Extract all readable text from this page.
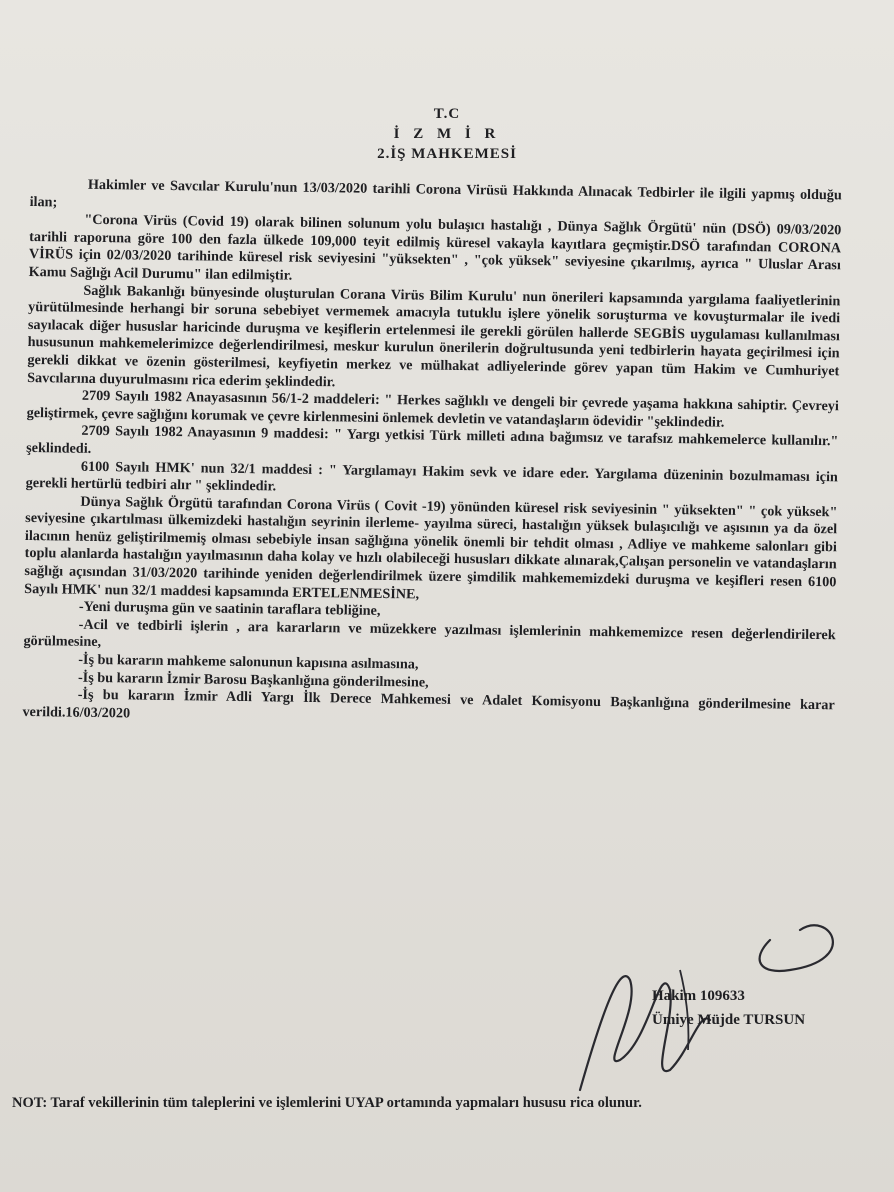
T.C
İ Z M İ R
2.İŞ MAHKEMESİ

Hakimler ve Savcılar Kurulu'nun 13/03/2020 tarihli Corona Virüsü Hakkında Alınacak Tedbirler ile ilgili yapmış olduğu ilan;

"Corona Virüs (Covid 19) olarak bilinen solunum yolu bulaşıcı hastalığı , Dünya Sağlık Örgütü' nün (DSÖ) 09/03/2020 tarihli raporuna göre 100 den fazla ülkede 109,000 teyit edilmiş küresel vakayla kayıtlara geçmiştir.DSÖ tarafından CORONA VİRÜS için 02/03/2020 tarihinde küresel risk seviyesini "yüksekten" , "çok yüksek" seviyesine çıkarılmış, ayrıca " Uluslar Arası Kamu Sağlığı Acil Durumu" ilan edilmiştir.

Sağlık Bakanlığı bünyesinde oluşturulan Corana Virüs Bilim Kurulu' nun önerileri kapsamında yargılama faaliyetlerinin yürütülmesinde herhangi bir soruna sebebiyet vermemek amacıyla tutuklu işlere yönelik soruşturma ve kovuşturmalar ile ivedi sayılacak diğer hususlar haricinde duruşma ve keşiflerin ertelenmesi ile gerekli görülen hallerde SEGBİS uygulaması kullanılması hususunun mahkemelerimizce değerlendirilmesi, meskur kurulun önerilerin doğrultusunda yeni tedbirlerin hayata geçirilmesi için gerekli dikkat ve özenin gösterilmesi, keyfiyetin merkez ve mülhakat adliyelerinde görev yapan tüm Hakim ve Cumhuriyet Savcılarına duyurulmasını rica ederim şeklindedir.

2709 Sayılı 1982 Anayasasının 56/1-2 maddeleri: " Herkes sağlıklı ve dengeli bir çevrede yaşama hakkına sahiptir. Çevreyi geliştirmek, çevre sağlığını korumak ve çevre kirlenmesini önlemek devletin ve vatandaşların ödevidir "şeklindedir.

2709 Sayılı 1982 Anayasının 9 maddesi: " Yargı yetkisi Türk milleti adına bağımsız ve tarafsız mahkemelerce kullanılır." şeklindedi.

6100 Sayılı HMK' nun 32/1 maddesi : " Yargılamayı Hakim sevk ve idare eder. Yargılama düzeninin bozulmaması için gerekli hertürlü tedbiri alır " şeklindedir.

Dünya Sağlık Örgütü tarafından Corona Virüs ( Covit -19) yönünden küresel risk seviyesinin " yüksekten" " çok yüksek" seviyesine çıkartılması ülkemizdeki hastalığın seyrinin ilerleme- yayılma süreci, hastalığın yüksek bulaşıcılığı ve aşısının ya da özel ilacının henüz geliştirilmemiş olması sebebiyle insan sağlığına yönelik önemli bir tehdit olması , Adliye ve mahkeme salonları gibi toplu alanlarda hastalığın yayılmasının daha kolay ve hızlı olabileceği hususları dikkate alınarak,Çalışan personelin ve vatandaşların sağlığı açısından 31/03/2020 tarihinde yeniden değerlendirilmek üzere şimdilik mahkememizdeki duruşma ve keşifleri resen 6100 Sayılı HMK' nun 32/1 maddesi kapsamında ERTELENMESİNE,

-Yeni duruşma gün ve saatinin taraflara tebliğine,

-Acil ve tedbirli işlerin , ara kararların ve müzekkere yazılması işlemlerinin mahkememizce resen değerlendirilerek görülmesine,

-İş bu kararın mahkeme salonunun kapısına asılmasına,

-İş bu kararın İzmir Barosu Başkanlığına gönderilmesine,

-İş bu kararın İzmir Adli Yargı İlk Derece Mahkemesi ve Adalet Komisyonu Başkanlığına gönderilmesine karar verildi.16/03/2020

Hakim 109633
Ümiye Müjde TURSUN
NOT: Taraf vekillerinin tüm taleplerini ve işlemlerini UYAP ortamında yapmaları hususu rica olunur.
